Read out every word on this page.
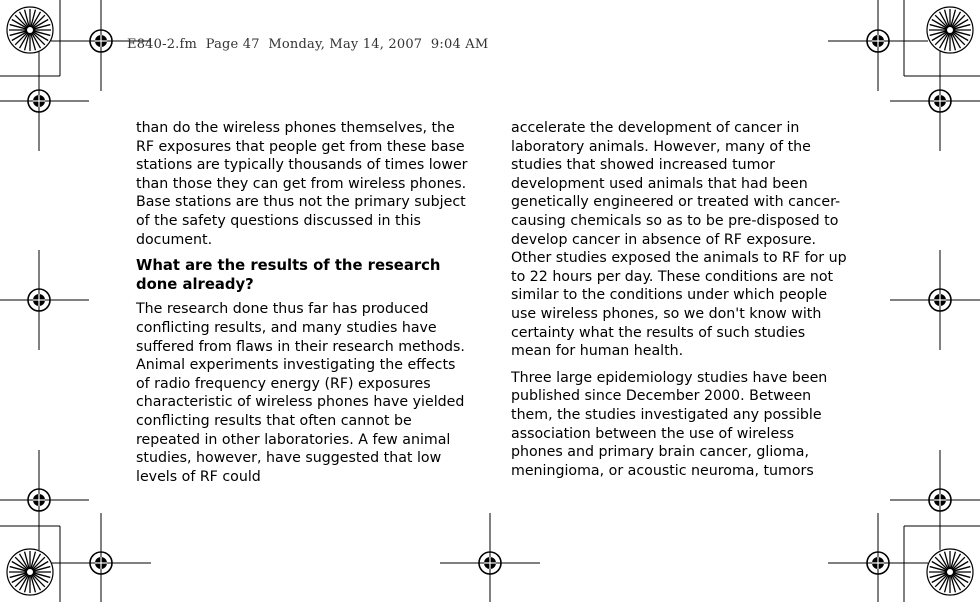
E840-2.fm  Page 47  Monday, May 14, 2007  9:04 AM

than do the wireless phones themselves, the RF exposures that people get from these base stations are typically thousands of times lower than those they can get from wireless phones. Base stations are thus not the primary subject of the safety questions discussed in this document.

What are the results of the research done already?

The research done thus far has produced conflicting results, and many studies have suffered from flaws in their research methods. Animal experiments investigating the effects of radio frequency energy (RF) exposures characteristic of wireless phones have yielded conflicting results that often cannot be repeated in other laboratories. A few animal studies, however, have suggested that low levels of RF could

accelerate the development of cancer in laboratory animals. However, many of the studies that showed increased tumor development used animals that had been genetically engineered or treated with cancer-causing chemicals so as to be pre-disposed to develop cancer in absence of RF exposure. Other studies exposed the animals to RF for up to 22 hours per day. These conditions are not similar to the conditions under which people use wireless phones, so we don't know with certainty what the results of such studies mean for human health.

Three large epidemiology studies have been published since December 2000. Between them, the studies investigated any possible association between the use of wireless phones and primary brain cancer, glioma, meningioma, or acoustic neuroma, tumors
